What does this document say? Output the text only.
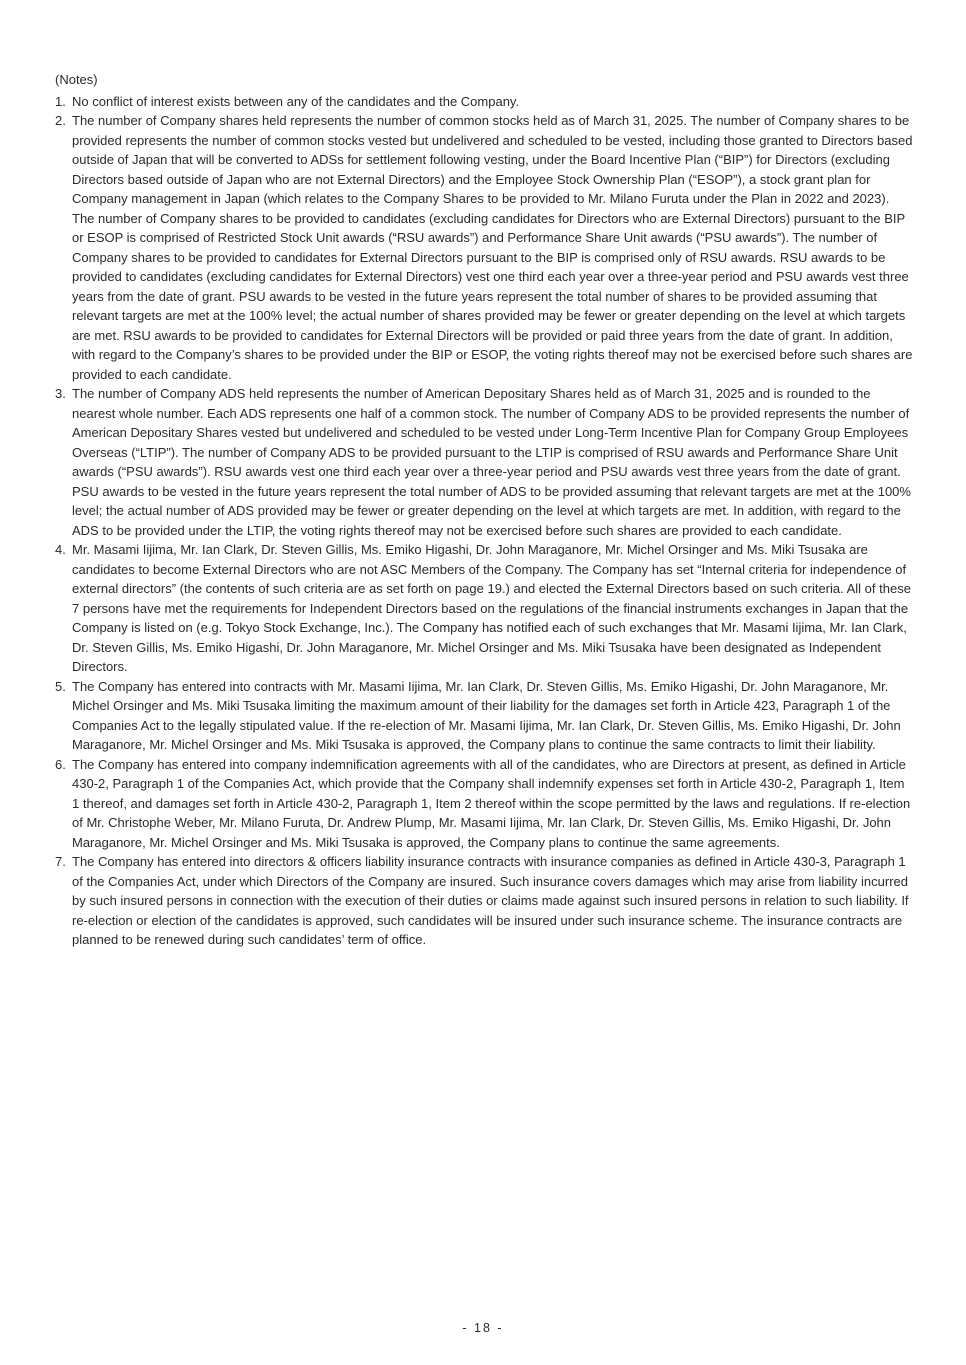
(Notes)
1. No conflict of interest exists between any of the candidates and the Company.
2. The number of Company shares held represents the number of common stocks held as of March 31, 2025. The number of Company shares to be provided represents the number of common stocks vested but undelivered and scheduled to be vested, including those granted to Directors based outside of Japan that will be converted to ADSs for settlement following vesting, under the Board Incentive Plan (“BIP”) for Directors (excluding Directors based outside of Japan who are not External Directors) and the Employee Stock Ownership Plan (“ESOP”), a stock grant plan for Company management in Japan (which relates to the Company Shares to be provided to Mr. Milano Furuta under the Plan in 2022 and 2023). The number of Company shares to be provided to candidates (excluding candidates for Directors who are External Directors) pursuant to the BIP or ESOP is comprised of Restricted Stock Unit awards (“RSU awards”) and Performance Share Unit awards (“PSU awards”). The number of Company shares to be provided to candidates for External Directors pursuant to the BIP is comprised only of RSU awards. RSU awards to be provided to candidates (excluding candidates for External Directors) vest one third each year over a three-year period and PSU awards vest three years from the date of grant. PSU awards to be vested in the future years represent the total number of shares to be provided assuming that relevant targets are met at the 100% level; the actual number of shares provided may be fewer or greater depending on the level at which targets are met. RSU awards to be provided to candidates for External Directors will be provided or paid three years from the date of grant. In addition, with regard to the Company’s shares to be provided under the BIP or ESOP, the voting rights thereof may not be exercised before such shares are provided to each candidate.
3. The number of Company ADS held represents the number of American Depositary Shares held as of March 31, 2025 and is rounded to the nearest whole number. Each ADS represents one half of a common stock. The number of Company ADS to be provided represents the number of American Depositary Shares vested but undelivered and scheduled to be vested under Long-Term Incentive Plan for Company Group Employees Overseas (“LTIP”). The number of Company ADS to be provided pursuant to the LTIP is comprised of RSU awards and Performance Share Unit awards (“PSU awards”). RSU awards vest one third each year over a three-year period and PSU awards vest three years from the date of grant. PSU awards to be vested in the future years represent the total number of ADS to be provided assuming that relevant targets are met at the 100% level; the actual number of ADS provided may be fewer or greater depending on the level at which targets are met. In addition, with regard to the ADS to be provided under the LTIP, the voting rights thereof may not be exercised before such shares are provided to each candidate.
4. Mr. Masami Iijima, Mr. Ian Clark, Dr. Steven Gillis, Ms. Emiko Higashi, Dr. John Maraganore, Mr. Michel Orsinger and Ms. Miki Tsusaka are candidates to become External Directors who are not ASC Members of the Company. The Company has set “Internal criteria for independence of external directors” (the contents of such criteria are as set forth on page 19.) and elected the External Directors based on such criteria. All of these 7 persons have met the requirements for Independent Directors based on the regulations of the financial instruments exchanges in Japan that the Company is listed on (e.g. Tokyo Stock Exchange, Inc.). The Company has notified each of such exchanges that Mr. Masami Iijima, Mr. Ian Clark, Dr. Steven Gillis, Ms. Emiko Higashi, Dr. John Maraganore, Mr. Michel Orsinger and Ms. Miki Tsusaka have been designated as Independent Directors.
5. The Company has entered into contracts with Mr. Masami Iijima, Mr. Ian Clark, Dr. Steven Gillis, Ms. Emiko Higashi, Dr. John Maraganore, Mr. Michel Orsinger and Ms. Miki Tsusaka limiting the maximum amount of their liability for the damages set forth in Article 423, Paragraph 1 of the Companies Act to the legally stipulated value. If the re-election of Mr. Masami Iijima, Mr. Ian Clark, Dr. Steven Gillis, Ms. Emiko Higashi, Dr. John Maraganore, Mr. Michel Orsinger and Ms. Miki Tsusaka is approved, the Company plans to continue the same contracts to limit their liability.
6. The Company has entered into company indemnification agreements with all of the candidates, who are Directors at present, as defined in Article 430-2, Paragraph 1 of the Companies Act, which provide that the Company shall indemnify expenses set forth in Article 430-2, Paragraph 1, Item 1 thereof, and damages set forth in Article 430-2, Paragraph 1, Item 2 thereof within the scope permitted by the laws and regulations. If re-election of Mr. Christophe Weber, Mr. Milano Furuta, Dr. Andrew Plump, Mr. Masami Iijima, Mr. Ian Clark, Dr. Steven Gillis, Ms. Emiko Higashi, Dr. John Maraganore, Mr. Michel Orsinger and Ms. Miki Tsusaka is approved, the Company plans to continue the same agreements.
7. The Company has entered into directors & officers liability insurance contracts with insurance companies as defined in Article 430-3, Paragraph 1 of the Companies Act, under which Directors of the Company are insured. Such insurance covers damages which may arise from liability incurred by such insured persons in connection with the execution of their duties or claims made against such insured persons in relation to such liability. If re-election or election of the candidates is approved, such candidates will be insured under such insurance scheme. The insurance contracts are planned to be renewed during such candidates’ term of office.
- 18 -
